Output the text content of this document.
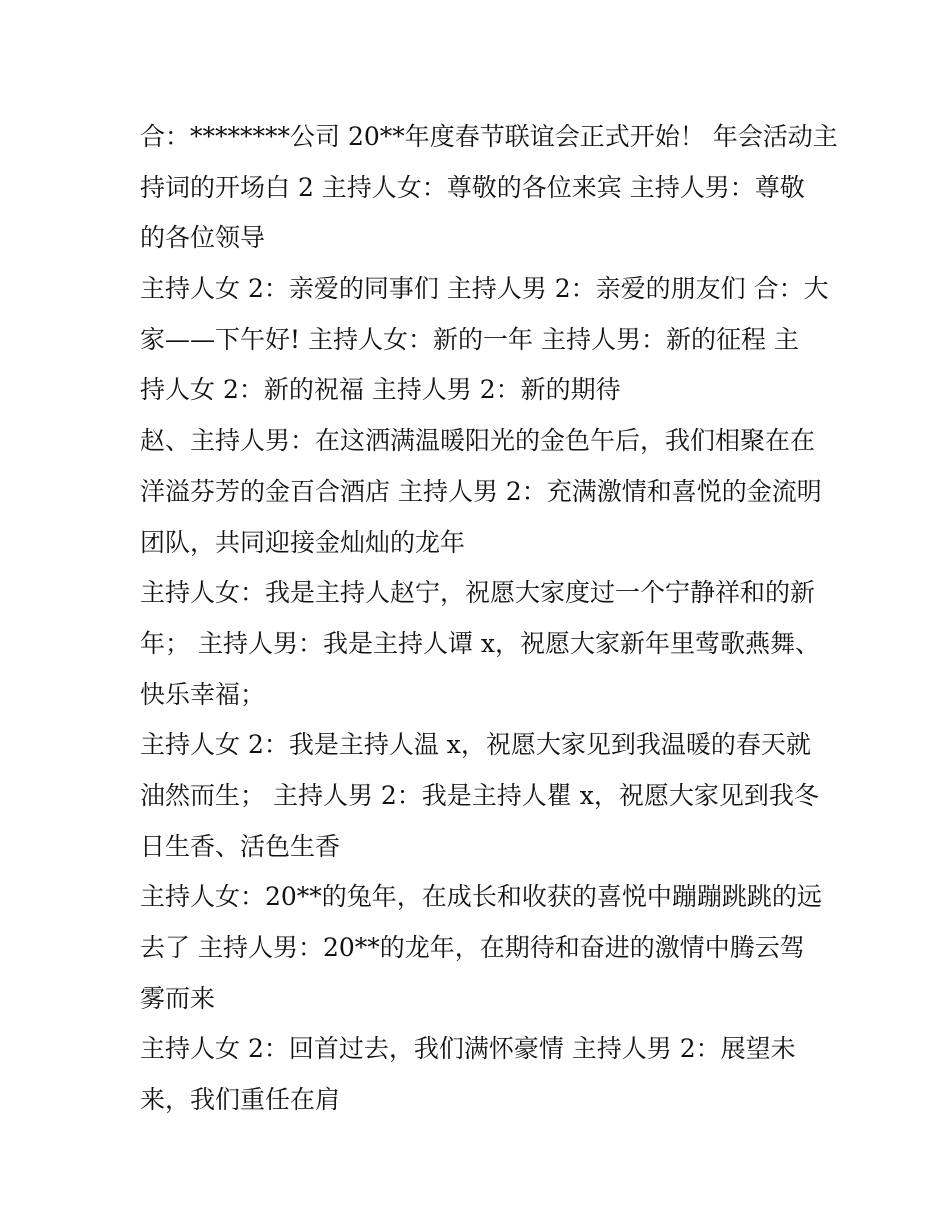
合：********公司 20**年度春节联谊会正式开始！ 年会活动主
持词的开场白 2 主持人女：尊敬的各位来宾 主持人男：尊敬
的各位领导
主持人女 2：亲爱的同事们 主持人男 2：亲爱的朋友们 合：大
家——下午好! 主持人女：新的一年 主持人男：新的征程 主
持人女 2：新的祝福 主持人男 2：新的期待
赵、主持人男：在这洒满温暖阳光的金色午后，我们相聚在在
洋溢芬芳的金百合酒店 主持人男 2：充满激情和喜悦的金流明
团队，共同迎接金灿灿的龙年
主持人女：我是主持人赵宁，祝愿大家度过一个宁静祥和的新
年； 主持人男：我是主持人谭 x，祝愿大家新年里莺歌燕舞、
快乐幸福；
主持人女 2：我是主持人温 x，祝愿大家见到我温暖的春天就
油然而生； 主持人男 2：我是主持人瞿 x，祝愿大家见到我冬
日生香、活色生香
主持人女：20**的兔年，在成长和收获的喜悦中蹦蹦跳跳的远
去了 主持人男：20**的龙年，在期待和奋进的激情中腾云驾
雾而来
主持人女 2：回首过去，我们满怀豪情 主持人男 2：展望未
来，我们重任在肩
